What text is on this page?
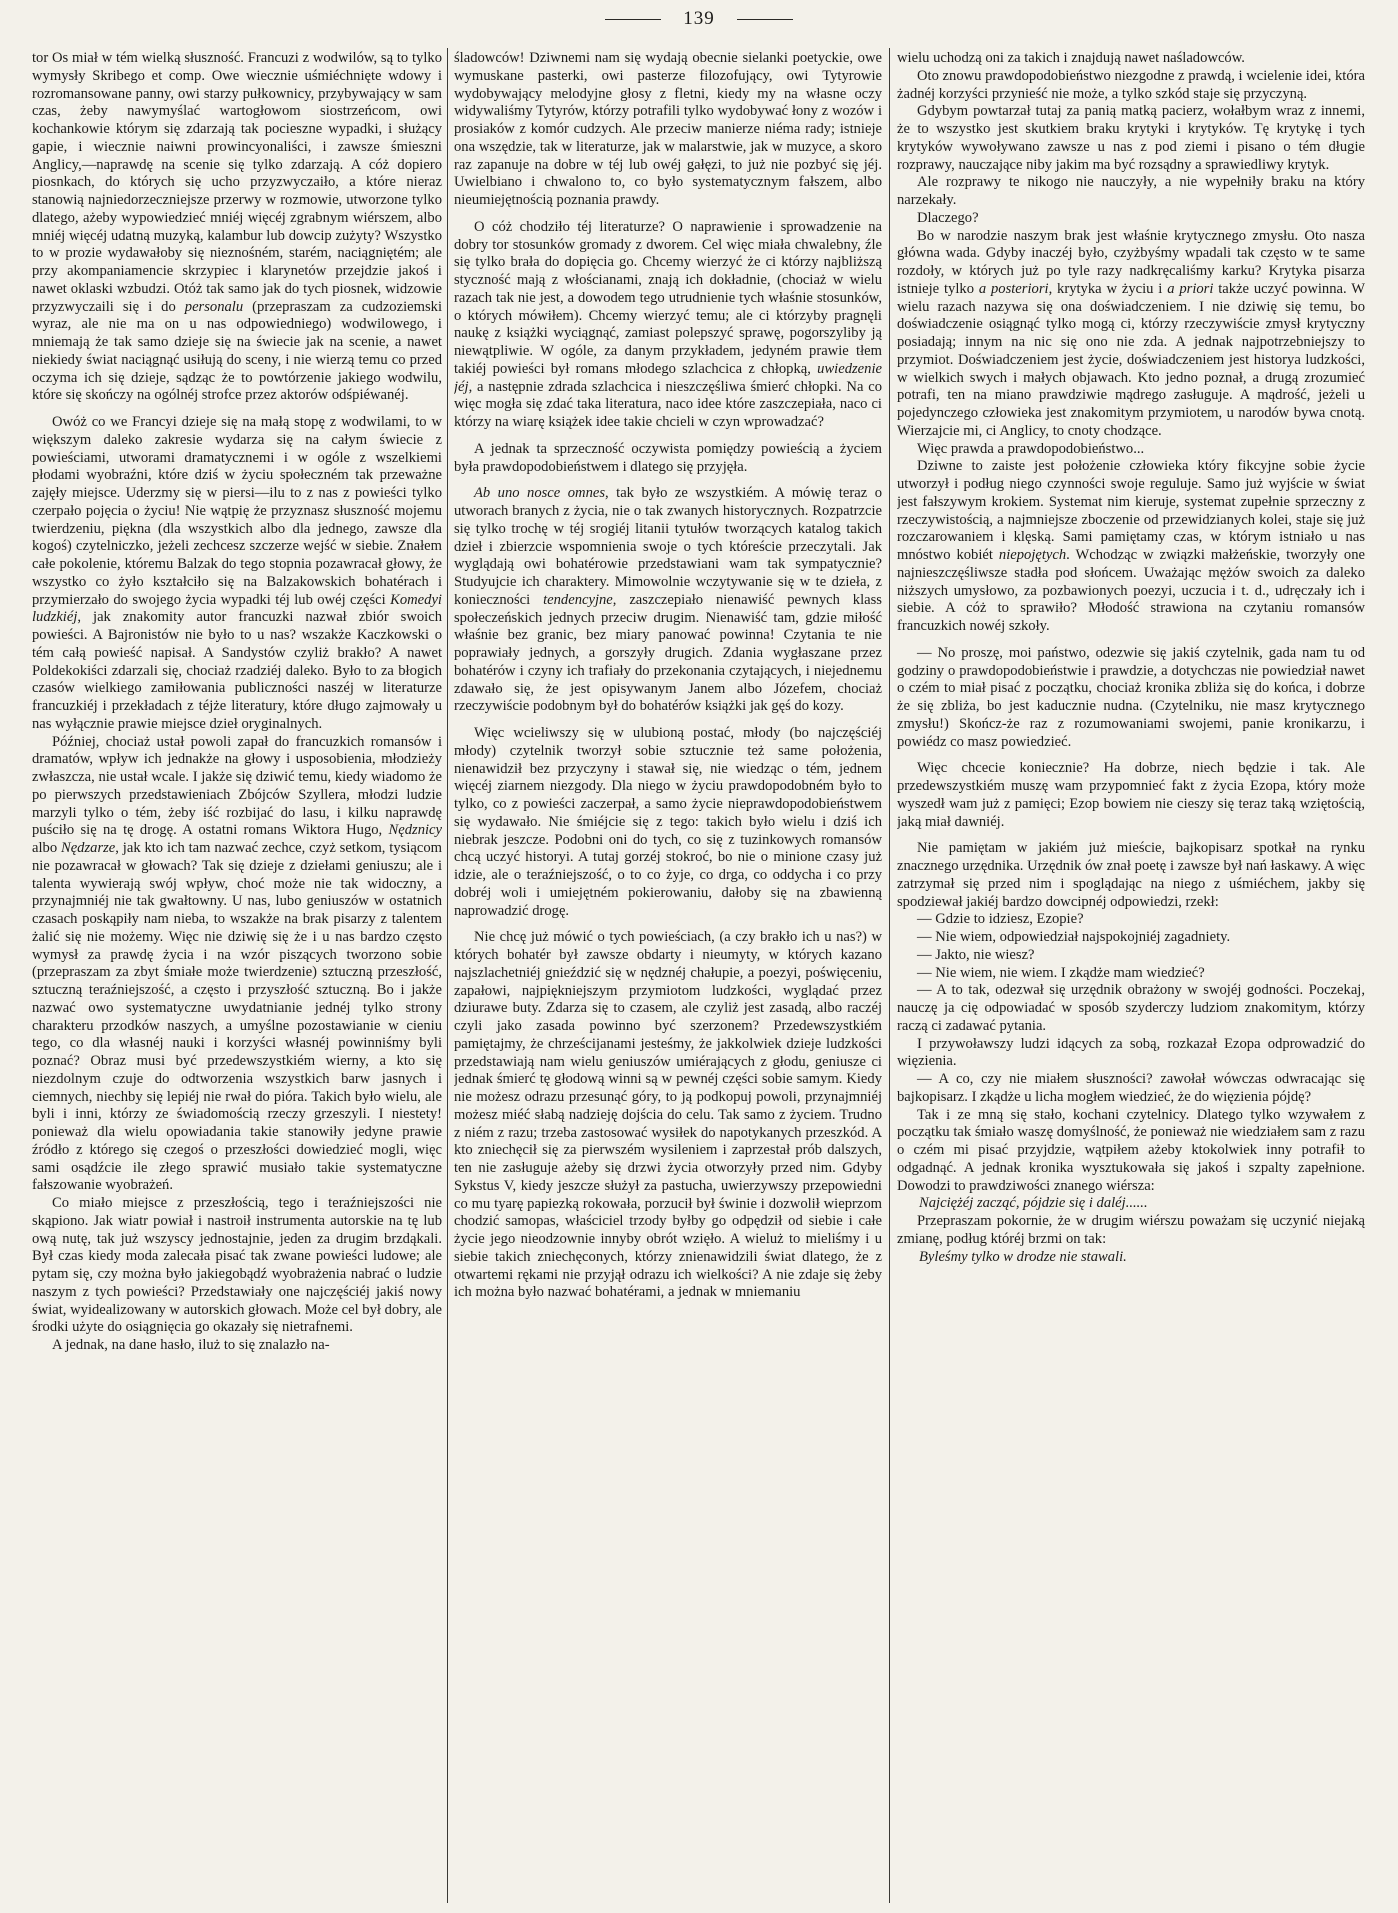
139

tor Os miał w tém wielką słuszność. Francuzi z wodwilów, są to tylko wymysły Skribego et comp. Owe wiecznie uśmiéchnięte wdowy i rozromansowane panny, owi starzy pułkownicy, przybywający w sam czas, żeby nawymyślać wartogłowom siostrzeńcom, owi kochankowie którym się zdarzają tak pocieszne wypadki, i służący gapie, i wiecznie naiwni prowincyonaliści, i zawsze śmieszni Anglicy,—naprawdę na scenie się tylko zdarzają. A cóż dopiero piosnkach, do których się ucho przyzwyczaiło, a które nieraz stanowią najniedorzeczniejsze przerwy w rozmowie, utworzone tylko dlatego, ażeby wypowiedzieć mniéj więcéj zgrabnym wiérszem, albo mniéj więcéj udatną muzyką, kalambur lub dowcip zużyty? Wszystko to w prozie wydawałoby się nieznośném, starém, naciągniętém; ale przy akompaniamencie skrzypiec i klarynetów przejdzie jakoś i nawet oklaski wzbudzi. Otóż tak samo jak do tych piosnek, widzowie przyzwyczaili się i do personalu (przepraszam za cudzoziemski wyraz, ale nie ma on u nas odpowiedniego) wodwilowego, i mniemają że tak samo dzieje się na świecie jak na scenie, a nawet niekiedy świat naciągnąć usiłują do sceny, i nie wierzą temu co przed oczyma ich się dzieje, sądząc że to powtórzenie jakiego wodwilu, które się skończy na ogólnéj strofce przez aktorów odśpiéwanéj.

Owóż co we Francyi dzieje się na małą stopę z wodwilami, to w większym daleko zakresie wydarza się na całym świecie z powieściami, utworami dramatycznemi i w ogóle z wszelkiemi płodami wyobraźni, które dziś w życiu społeczném tak przeważne zajęły miejsce. Uderzmy się w piersi—ilu to z nas z powieści tylko czerpało pojęcia o życiu! Nie wątpię że przyznasz słuszność mojemu twierdzeniu, piękna (dla wszystkich albo dla jednego, zawsze dla kogoś) czytelniczko, jeżeli zechcesz szczerze wejść w siebie. Znałem całe pokolenie, któremu Balzak do tego stopnia pozawracał głowy, że wszystko co żyło kształciło się na Balzakowskich bohatérach i przymierzało do swojego życia wypadki téj lub owéj części Komedyi ludzkiéj, jak znakomity autor francuzki nazwał zbiór swoich powieści. A Bajronistów nie było to u nas? wszakże Kaczkowski o tém całą powieść napisał. A Sandystów czyliż brakło? A nawet Poldekokiści zdarzali się, chociaż rzadziéj daleko. Było to za błogich czasów wielkiego zamiłowania publiczności naszéj w literaturze francuzkiéj i przekładach z téjże literatury, które długo zajmowały u nas wyłącznie prawie miejsce dzieł oryginalnych.

Później, chociaż ustał powoli zapał do francuzkich romansów i dramatów, wpływ ich jednakże na głowy i usposobienia, młodzieży zwłaszcza, nie ustał wcale. I jakże się dziwić temu, kiedy wiadomo że po pierwszych przedstawieniach Zbójców Szyllera, młodzi ludzie marzyli tylko o tém, żeby iść rozbijać do lasu, i kilku naprawdę puściło się na tę drogę. A ostatni romans Wiktora Hugo, Nędznicy albo Nędzarze, jak kto ich tam nazwać zechce, czyż setkom, tysiącom nie pozawracał w głowach? Tak się dzieje z dziełami geniuszu; ale i talenta wywierają swój wpływ, choć może nie tak widoczny, a przynajmniéj nie tak gwałtowny. U nas, lubo geniuszów w ostatnich czasach poskąpiły nam nieba, to wszakże na brak pisarzy z talentem żalić się nie możemy. Więc nie dziwię się że i u nas bardzo często wymysł za prawdę życia i na wzór piszących tworzono sobie (przepraszam za zbyt śmiałe może twierdzenie) sztuczną przeszłość, sztuczną teraźniejszość, a często i przyszłość sztuczną. Bo i jakże nazwać owo systematyczne uwydatnianie jednéj tylko strony charakteru przodków naszych, a umyślne pozostawianie w cieniu tego, co dla własnéj nauki i korzyści własnéj powinniśmy byli poznać? Obraz musi być przedewszystkiém wierny, a kto się niezdolnym czuje do odtworzenia wszystkich barw jasnych i ciemnych, niechby się lepiéj nie rwał do pióra. Takich było wielu, ale byli i inni, którzy ze świadomością rzeczy grzeszyli. I niestety! ponieważ dla wielu opowiadania takie stanowiły jedyne prawie źródło z którego się czegoś o przeszłości dowiedzieć mogli, więc sami osądźcie ile złego sprawić musiało takie systematyczne fałszowanie wyobrażeń.

Co miało miejsce z przeszłością, tego i teraźniejszości nie skąpiono. Jak wiatr powiał i nastroił instrumenta autorskie na tę lub ową nutę, tak już wszyscy jednostajnie, jeden za drugim brzdąkali. Był czas kiedy moda zalecała pisać tak zwane powieści ludowe; ale pytam się, czy można było jakiegobądź wyobrażenia nabrać o ludzie naszym z tych powieści? Przedstawiały one najczęściéj jakiś nowy świat, wyidealizowany w autorskich głowach. Może cel był dobry, ale środki użyte do osiągnięcia go okazały się nietrafnemi.

A jednak, na dane hasło, iluż to się znalazło na-

śladowców! Dziwnemi nam się wydają obecnie sielanki poetyckie, owe wymuskane pasterki, owi pasterze filozofujący, owi Tytyrowie wydobywający melodyjne głosy z fletni, kiedy my na własne oczy widywaliśmy Tytyrów, którzy potrafili tylko wydobywać łony z wozów i prosiaków z komór cudzych. Ale przeciw manierze niéma rady; istnieje ona wszędzie, tak w literaturze, jak w malarstwie, jak w muzyce, a skoro raz zapanuje na dobre w téj lub owéj gałęzi, to już nie pozbyć się jéj. Uwielbiano i chwalono to, co było systematycznym fałszem, albo nieumiejętnością poznania prawdy.

O cóż chodziło téj literaturze? O naprawienie i sprowadzenie na dobry tor stosunków gromady z dworem. Cel więc miała chwalebny, źle się tylko brała do dopięcia go. Chcemy wierzyć że ci którzy najbliższą styczność mają z włościanami, znają ich dokładnie, (chociaż w wielu razach tak nie jest, a dowodem tego utrudnienie tych właśnie stosunków, o których mówiłem). Chcemy wierzyć temu; ale ci którzyby pragnęli naukę z książki wyciągnąć, zamiast polepszyć sprawę, pogorszyliby ją niewątpliwie. W ogóle, za danym przykładem, jedyném prawie tłem takiéj powieści był romans młodego szlachcica z chłopką, uwiedzenie jéj, a następnie zdrada szlachcica i nieszczęśliwa śmierć chłopki. Na co więc mogła się zdać taka literatura, naco idee które zaszczepiała, naco ci którzy na wiarę książek idee takie chcieli w czyn wprowadzać?

A jednak ta sprzeczność oczywista pomiędzy powieścią a życiem była prawdopodobieństwem i dlatego się przyjęła.

Ab uno nosce omnes, tak było ze wszystkiém. A mówię teraz o utworach branych z życia, nie o tak zwanych historycznych. Rozpatrzcie się tylko trochę w téj srogiéj litanii tytułów tworzących katalog takich dzieł i zbierzcie wspomnienia swoje o tych któreście przeczytali. Jak wyglądają owi bohatérowie przedstawiani wam tak sympatycznie? Studyujcie ich charaktery. Mimowolnie wczytywanie się w te dzieła, z konieczności tendencyjne, zaszczepiało nienawiść pewnych klass społeczeńskich jednych przeciw drugim. Nienawiść tam, gdzie miłość właśnie bez granic, bez miary panować powinna! Czytania te nie poprawiały jednych, a gorszyły drugich. Zdania wygłaszane przez bohatérów i czyny ich trafiały do przekonania czytających, i niejednemu zdawało się, że jest opisywanym Janem albo Józefem, chociaż rzeczywiście podobnym był do bohatérów książki jak gęś do kozy.

Więc wcieliwszy się w ulubioną postać, młody (bo najczęściéj młody) czytelnik tworzył sobie sztucznie też same położenia, nienawidził bez przyczyny i stawał się, nie wiedząc o tém, jednem więcéj ziarnem niezgody. Dla niego w życiu prawdopodobném było to tylko, co z powieści zaczerpał, a samo życie nieprawdopodobieństwem się wydawało. Nie śmiéjcie się z tego: takich było wielu i dziś ich niebrak jeszcze. Podobni oni do tych, co się z tuzinkowych romansów chcą uczyć historyi. A tutaj gorzéj stokroć, bo nie o minione czasy już idzie, ale o teraźniejszość, o to co żyje, co drga, co oddycha i co przy dobréj woli i umiejętném pokierowaniu, dałoby się na zbawienną naprowadzić drogę.

Nie chcę już mówić o tych powieściach, (a czy brakło ich u nas?) w których bohatér był zawsze obdarty i nieumyty, w których kazano najszlachetniéj gnieździć się w nędznéj chałupie, a poezyi, poświęceniu, zapałowi, najpiękniejszym przymiotom ludzkości, wyglądać przez dziurawe buty. Zdarza się to czasem, ale czyliż jest zasadą, albo raczéj czyli jako zasada powinno być szerzonem? Przedewszystkiém pamiętajmy, że chrześcijanami jesteśmy, że jakkolwiek dzieje ludzkości przedstawiają nam wielu geniuszów umiérających z głodu, geniusze ci jednak śmierć tę głodową winni są w pewnéj części sobie samym. Kiedy nie możesz odrazu przesunąć góry, to ją podkopuj powoli, przynajmniéj możesz miéć słabą nadzieję dojścia do celu. Tak samo z życiem. Trudno z niém z razu; trzeba zastosować wysiłek do napotykanych przeszkód. A kto zniechęcił się za pierwszém wysileniem i zaprzestał prób dalszych, ten nie zasługuje ażeby się drzwi życia otworzyły przed nim. Gdyby Sykstus V, kiedy jeszcze służył za pastucha, uwierzywszy przepowiedni co mu tyarę papiezką rokowała, porzucił był świnie i dozwolił wieprzom chodzić samopas, właściciel trzody byłby go odpędził od siebie i całe życie jego nieodzownie innyby obrót wzięło. A wieluż to mieliśmy i u siebie takich zniechęconych, którzy znienawidzili świat dlatego, że z otwartemi rękami nie przyjął odrazu ich wielkości? A nie zdaje się żeby ich można było nazwać bohatérami, a jednak w mniemaniu

wielu uchodzą oni za takich i znajdują nawet naśladowców.

Oto znowu prawdopodobieństwo niezgodne z prawdą, i wcielenie idei, która żadnéj korzyści przynieść nie może, a tylko szkód staje się przyczyną.

Gdybym powtarzał tutaj za panią matką pacierz, wołałbym wraz z innemi, że to wszystko jest skutkiem braku krytyki i krytyków. Tę krytykę i tych krytyków wywoływano zawsze u nas z pod ziemi i pisano o tém długie rozprawy, nauczające niby jakim ma być rozsądny a sprawiedliwy krytyk.

Ale rozprawy te nikogo nie nauczyły, a nie wypełniły braku na który narzekały.

Dlaczego?

Bo w narodzie naszym brak jest właśnie krytycznego zmysłu. Oto nasza główna wada. Gdyby inaczéj było, czyżbyśmy wpadali tak często w te same rozdoły, w których już po tyle razy nadkręcaliśmy karku? Krytyka pisarza istnieje tylko a posteriori, krytyka w życiu i a priori także uczyć powinna. W wielu razach nazywa się ona doświadczeniem. I nie dziwię się temu, bo doświadczenie osiągnąć tylko mogą ci, którzy rzeczywiście zmysł krytyczny posiadają; innym na nic się ono nie zda. A jednak najpotrzebniejszy to przymiot. Doświadczeniem jest życie, doświadczeniem jest historya ludzkości, w wielkich swych i małych objawach. Kto jedno poznał, a drugą zrozumieć potrafi, ten na miano prawdziwie mądrego zasługuje. A mądrość, jeżeli u pojedynczego człowieka jest znakomitym przymiotem, u narodów bywa cnotą. Wierzajcie mi, ci Anglicy, to cnoty chodzące.

Więc prawda a prawdopodobieństwo...

Dziwne to zaiste jest położenie człowieka który fikcyjne sobie życie utworzył i podług niego czynności swoje reguluje. Samo już wyjście w świat jest fałszywym krokiem. Systemat nim kieruje, systemat zupełnie sprzeczny z rzeczywistością, a najmniejsze zboczenie od przewidzianych kolei, staje się już rozczarowaniem i klęską. Sami pamiętamy czas, w którym istniało u nas mnóstwo kobiét niepojętych. Wchodząc w związki małżeńskie, tworzyły one najnieszczęśliwsze stadła pod słońcem. Uważając mężów swoich za daleko niższych umysłowo, za pozbawionych poezyi, uczucia i t. d., udręczały ich i siebie. A cóż to sprawiło? Młodość strawiona na czytaniu romansów francuzkich nowéj szkoły.

— No proszę, moi państwo, odezwie się jakiś czytelnik, gada nam tu od godziny o prawdopodobieństwie i prawdzie, a dotychczas nie powiedział nawet o czém to miał pisać z początku, chociaż kronika zbliża się do końca, i dobrze że się zbliża, bo jest kaducznie nudna. (Czytelniku, nie masz krytycznego zmysłu!) Skończ-że raz z rozumowaniami swojemi, panie kronikarzu, i powiédz co masz powiedzieć.

Więc chcecie koniecznie? Ha dobrze, niech będzie i tak. Ale przedewszystkiém muszę wam przypomnieć fakt z życia Ezopa, który może wyszedł wam już z pamięci; Ezop bowiem nie cieszy się teraz taką wziętością, jaką miał dawniéj.

Nie pamiętam w jakiém już mieście, bajkopisarz spotkał na rynku znacznego urzędnika. Urzędnik ów znał poetę i zawsze był nań łaskawy. A więc zatrzymał się przed nim i spoglądając na niego z uśmiéchem, jakby się spodziewał jakiéj bardzo dowcipnéj odpowiedzi, rzekł:

— Gdzie to idziesz, Ezopie?

— Nie wiem, odpowiedział najspokojniéj zagadniety.

— Jakto, nie wiesz?

— Nie wiem, nie wiem. I zkądże mam wiedzieć?

— A to tak, odezwał się urzędnik obrażony w swojéj godności. Poczekaj, nauczę ja cię odpowiadać w sposób szyderczy ludziom znakomitym, którzy raczą ci zadawać pytania.

I przywoławszy ludzi idących za sobą, rozkazał Ezopa odprowadzić do więzienia.

— A co, czy nie miałem słuszności? zawołał wówczas odwracając się bajkopisarz. I zkądże u licha mogłem wiedzieć, że do więzienia pójdę?

Tak i ze mną się stało, kochani czytelnicy. Dlatego tylko wzywałem z początku tak śmiało waszę domyślność, że ponieważ nie wiedziałem sam z razu o czém mi pisać przyjdzie, wątpiłem ażeby ktokolwiek inny potrafił to odgadnąć. A jednak kronika wysztukowała się jakoś i szpalty zapełnione. Dowodzi to prawdziwości znanego wiérsza:

Najciężéj zacząć, pójdzie się i daléj......

Przepraszam pokornie, że w drugim wiérszu poważam się uczynić niejaką zmianę, podług któréj brzmi on tak:

Byleśmy tylko w drodze nie stawali.
